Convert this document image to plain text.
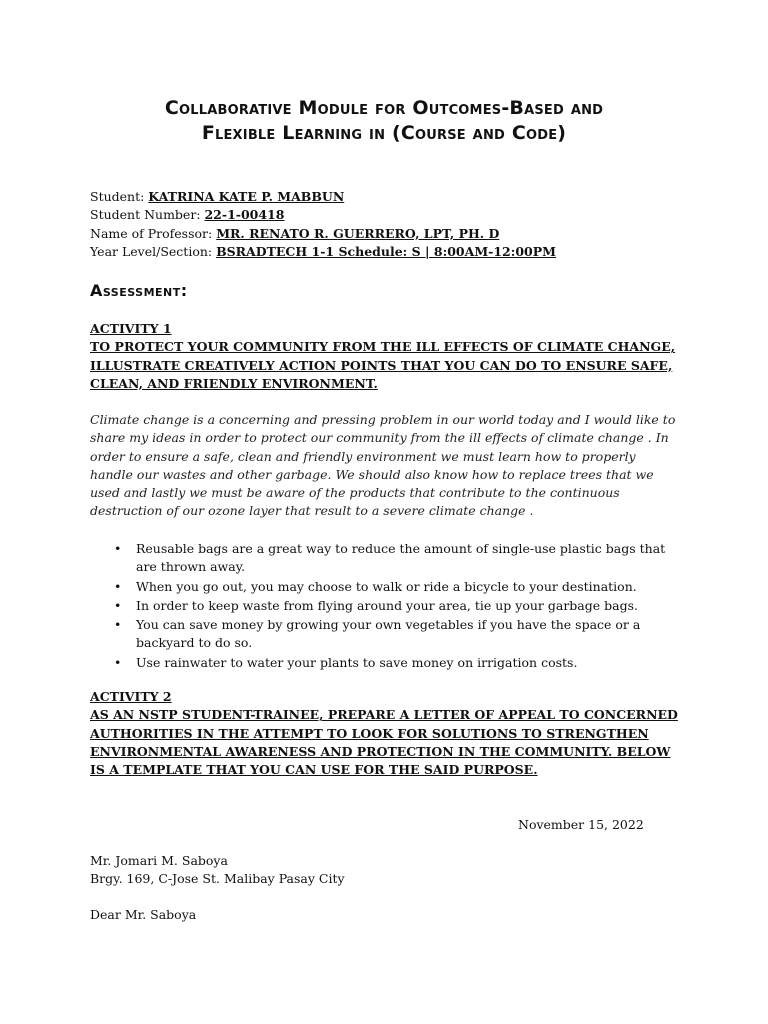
Collaborative Module for Outcomes-Based and
Flexible Learning in (Course and Code)
Student: KATRINA KATE P. MABBUN
Student Number: 22-1-00418
Name of Professor: MR. RENATO R. GUERRERO, LPT, PH. D
Year Level/Section: BSRADTECH 1-1 Schedule: S | 8:00AM-12:00PM
Assessment:
ACTIVITY 1
TO PROTECT YOUR COMMUNITY FROM THE ILL EFFECTS OF CLIMATE CHANGE, ILLUSTRATE CREATIVELY ACTION POINTS THAT YOU CAN DO TO ENSURE SAFE, CLEAN, AND FRIENDLY ENVIRONMENT.
Climate change is a concerning and pressing problem in our world today and I would like to share my ideas in order to protect our community from the ill effects of climate change . In order to ensure a safe, clean and friendly environment we must learn how to properly handle our wastes and other garbage. We should also know how to replace trees that we used and lastly we must be aware of the products that contribute to the continuous destruction of our ozone layer that result to a severe climate change .
• Reusable bags are a great way to reduce the amount of single-use plastic bags that are thrown away.
• When you go out, you may choose to walk or ride a bicycle to your destination.
• In order to keep waste from flying around your area, tie up your garbage bags.
• You can save money by growing your own vegetables if you have the space or a backyard to do so.
• Use rainwater to water your plants to save money on irrigation costs.
ACTIVITY 2
AS AN NSTP STUDENT-TRAINEE, PREPARE A LETTER OF APPEAL TO CONCERNED AUTHORITIES IN THE ATTEMPT TO LOOK FOR SOLUTIONS TO STRENGTHEN ENVIRONMENTAL AWARENESS AND PROTECTION IN THE COMMUNITY. BELOW IS A TEMPLATE THAT YOU CAN USE FOR THE SAID PURPOSE.
November 15, 2022
Mr. Jomari M. Saboya
Brgy. 169, C-Jose St. Malibay Pasay City
Dear Mr. Saboya
